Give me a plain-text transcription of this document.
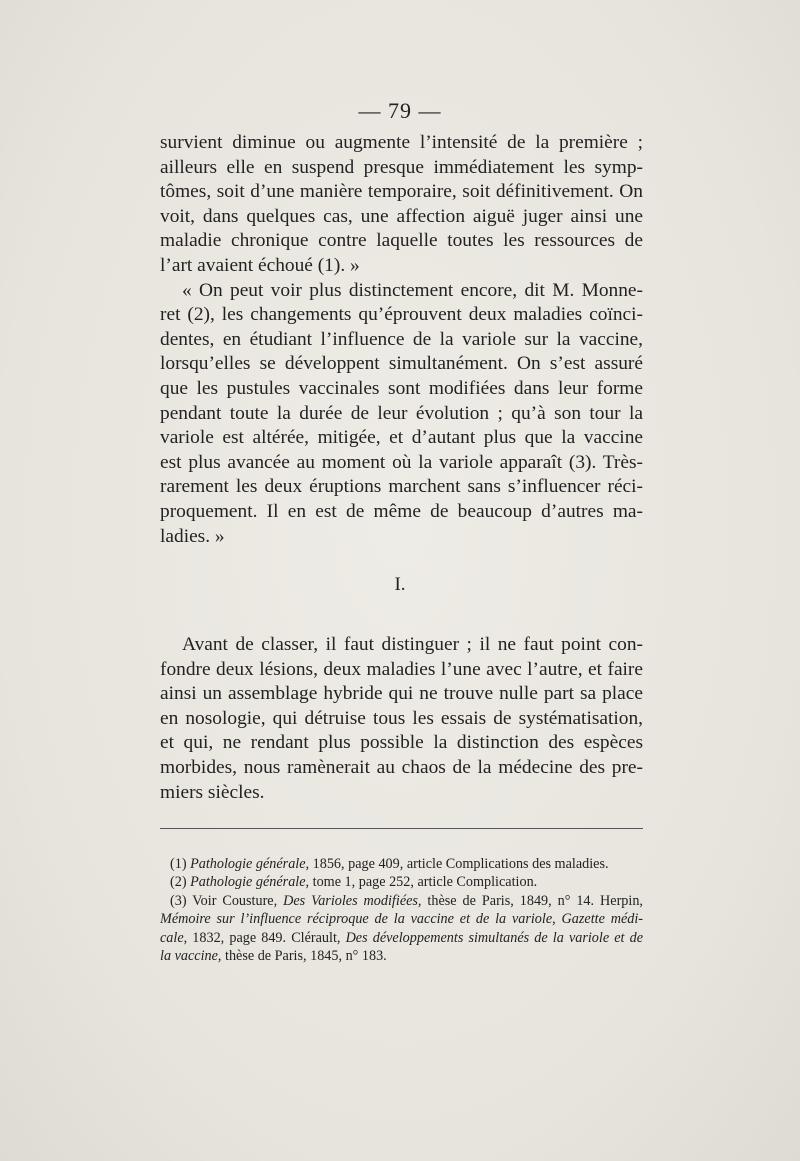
— 79 —
survient diminue ou augmente l’intensité de la première ;
ailleurs elle en suspend presque immédiatement les symp-
tômes, soit d’une manière temporaire, soit définitivement. On
voit, dans quelques cas, une affection aiguë juger ainsi une
maladie chronique contre laquelle toutes les ressources de
l’art avaient échoué (1). »
« On peut voir plus distinctement encore, dit M. Monne-
ret (2), les changements qu’éprouvent deux maladies coïnci-
dentes, en étudiant l’influence de la variole sur la vaccine,
lorsqu’elles se développent simultanément. On s’est assuré
que les pustules vaccinales sont modifiées dans leur forme
pendant toute la durée de leur évolution ; qu’à son tour la
variole est altérée, mitigée, et d’autant plus que la vaccine
est plus avancée au moment où la variole apparaît (3). Très-
rarement les deux éruptions marchent sans s’influencer réci-
proquement. Il en est de même de beaucoup d’autres ma-
ladies. »
I.
Avant de classer, il faut distinguer ; il ne faut point con-
fondre deux lésions, deux maladies l’une avec l’autre, et faire
ainsi un assemblage hybride qui ne trouve nulle part sa place
en nosologie, qui détruise tous les essais de systématisation,
et qui, ne rendant plus possible la distinction des espèces
morbides, nous ramènerait au chaos de la médecine des pre-
miers siècles.
(1) Pathologie générale, 1856, page 409, article Complications des maladies.
(2) Pathologie générale, tome 1, page 252, article Complication.
(3) Voir Cousture, Des Varioles modifiées, thèse de Paris, 1849, n° 14. Herpin,
Mémoire sur l’influence réciproque de la vaccine et de la variole, Gazette médi-
cale, 1832, page 849. Clérault, Des développements simultanés de la variole et de
la vaccine, thèse de Paris, 1845, n° 183.
